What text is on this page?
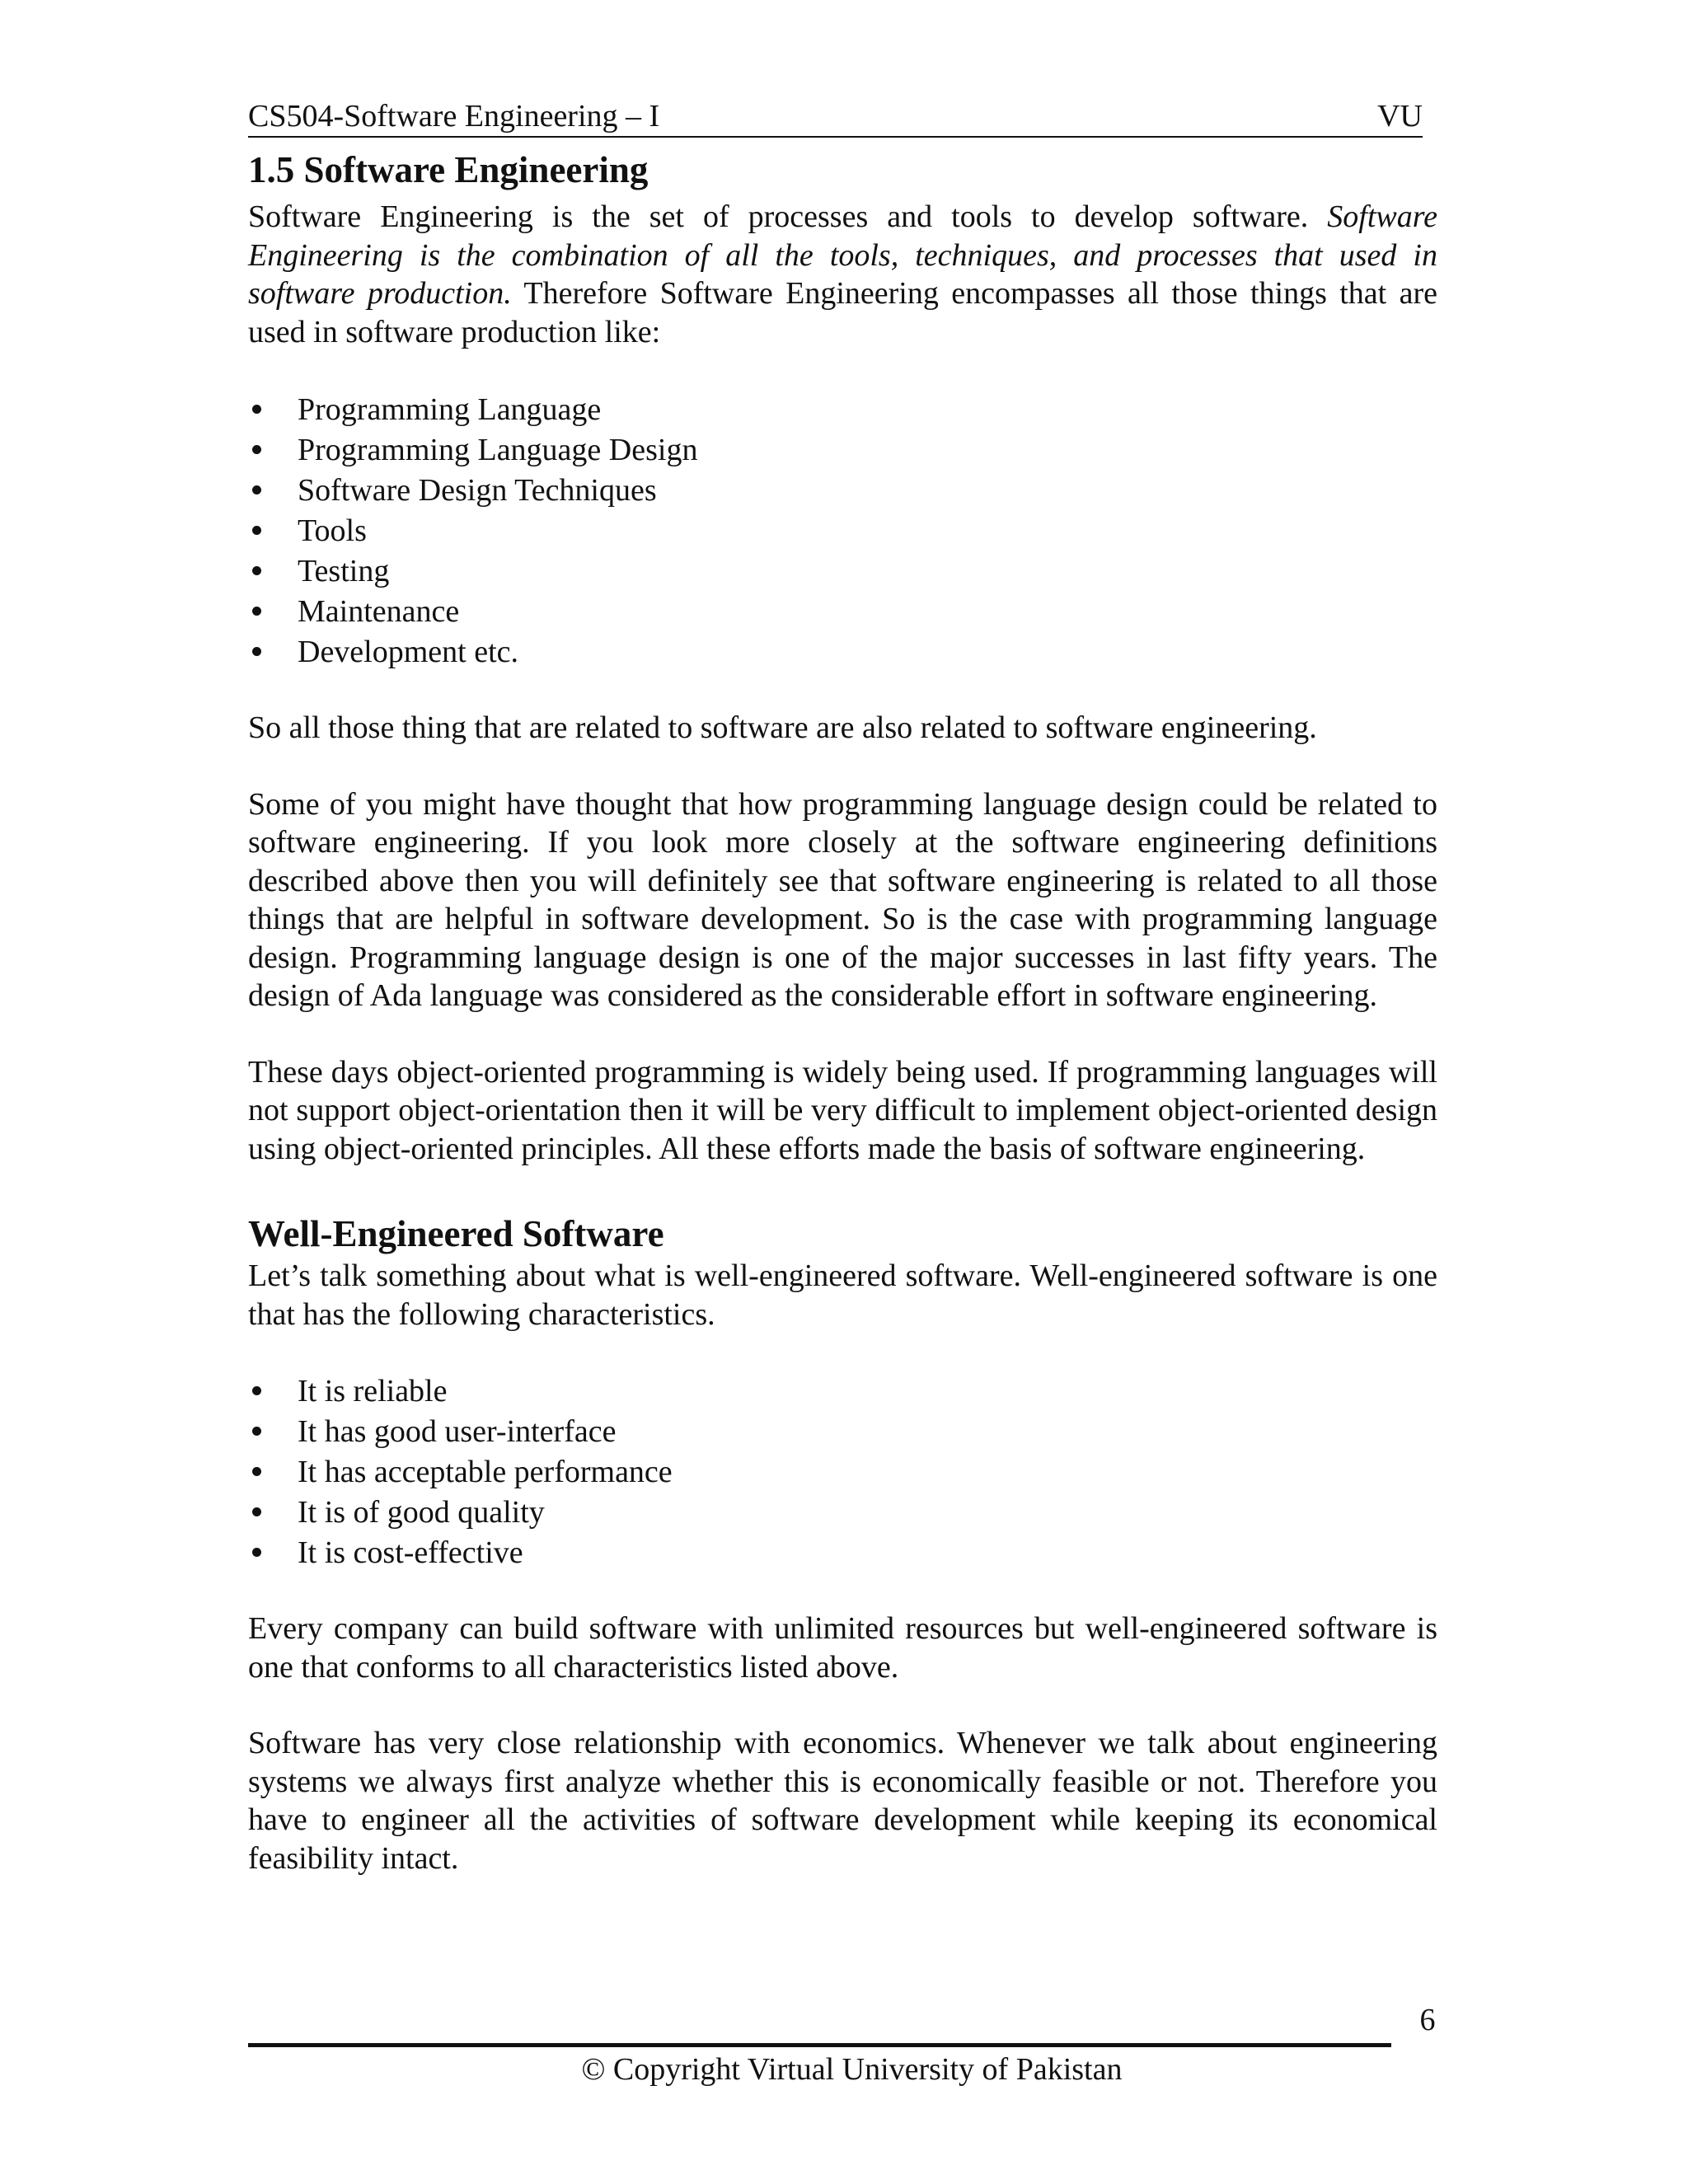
CS504-Software Engineering – I	VU
1.5 Software Engineering

Software Engineering is the set of processes and tools to develop software. Software Engineering is the combination of all the tools, techniques, and processes that used in software production. Therefore Software Engineering encompasses all those things that are used in software production like:

Programming Language
Programming Language Design
Software Design Techniques
Tools
Testing
Maintenance
Development etc.

So all those thing that are related to software are also related to software engineering.

Some of you might have thought that how programming language design could be related to software engineering. If you look more closely at the software engineering definitions described above then you will definitely see that software engineering is related to all those things that are helpful in software development. So is the case with programming language design. Programming language design is one of the major successes in last fifty years. The design of Ada language was considered as the considerable effort in software engineering.

These days object-oriented programming is widely being used. If programming languages will not support object-orientation then it will be very difficult to implement object-oriented design using object-oriented principles. All these efforts made the basis of software engineering.

Well-Engineered Software

Let’s talk something about what is well-engineered software. Well-engineered software is one that has the following characteristics.

It is reliable
It has good user-interface
It has acceptable performance
It is of good quality
It is cost-effective

Every company can build software with unlimited resources but well-engineered software is one that conforms to all characteristics listed above.

Software has very close relationship with economics. Whenever we talk about engineering systems we always first analyze whether this is economically feasible or not. Therefore you have to engineer all the activities of software development while keeping its economical feasibility intact.

6
© Copyright Virtual University of Pakistan
